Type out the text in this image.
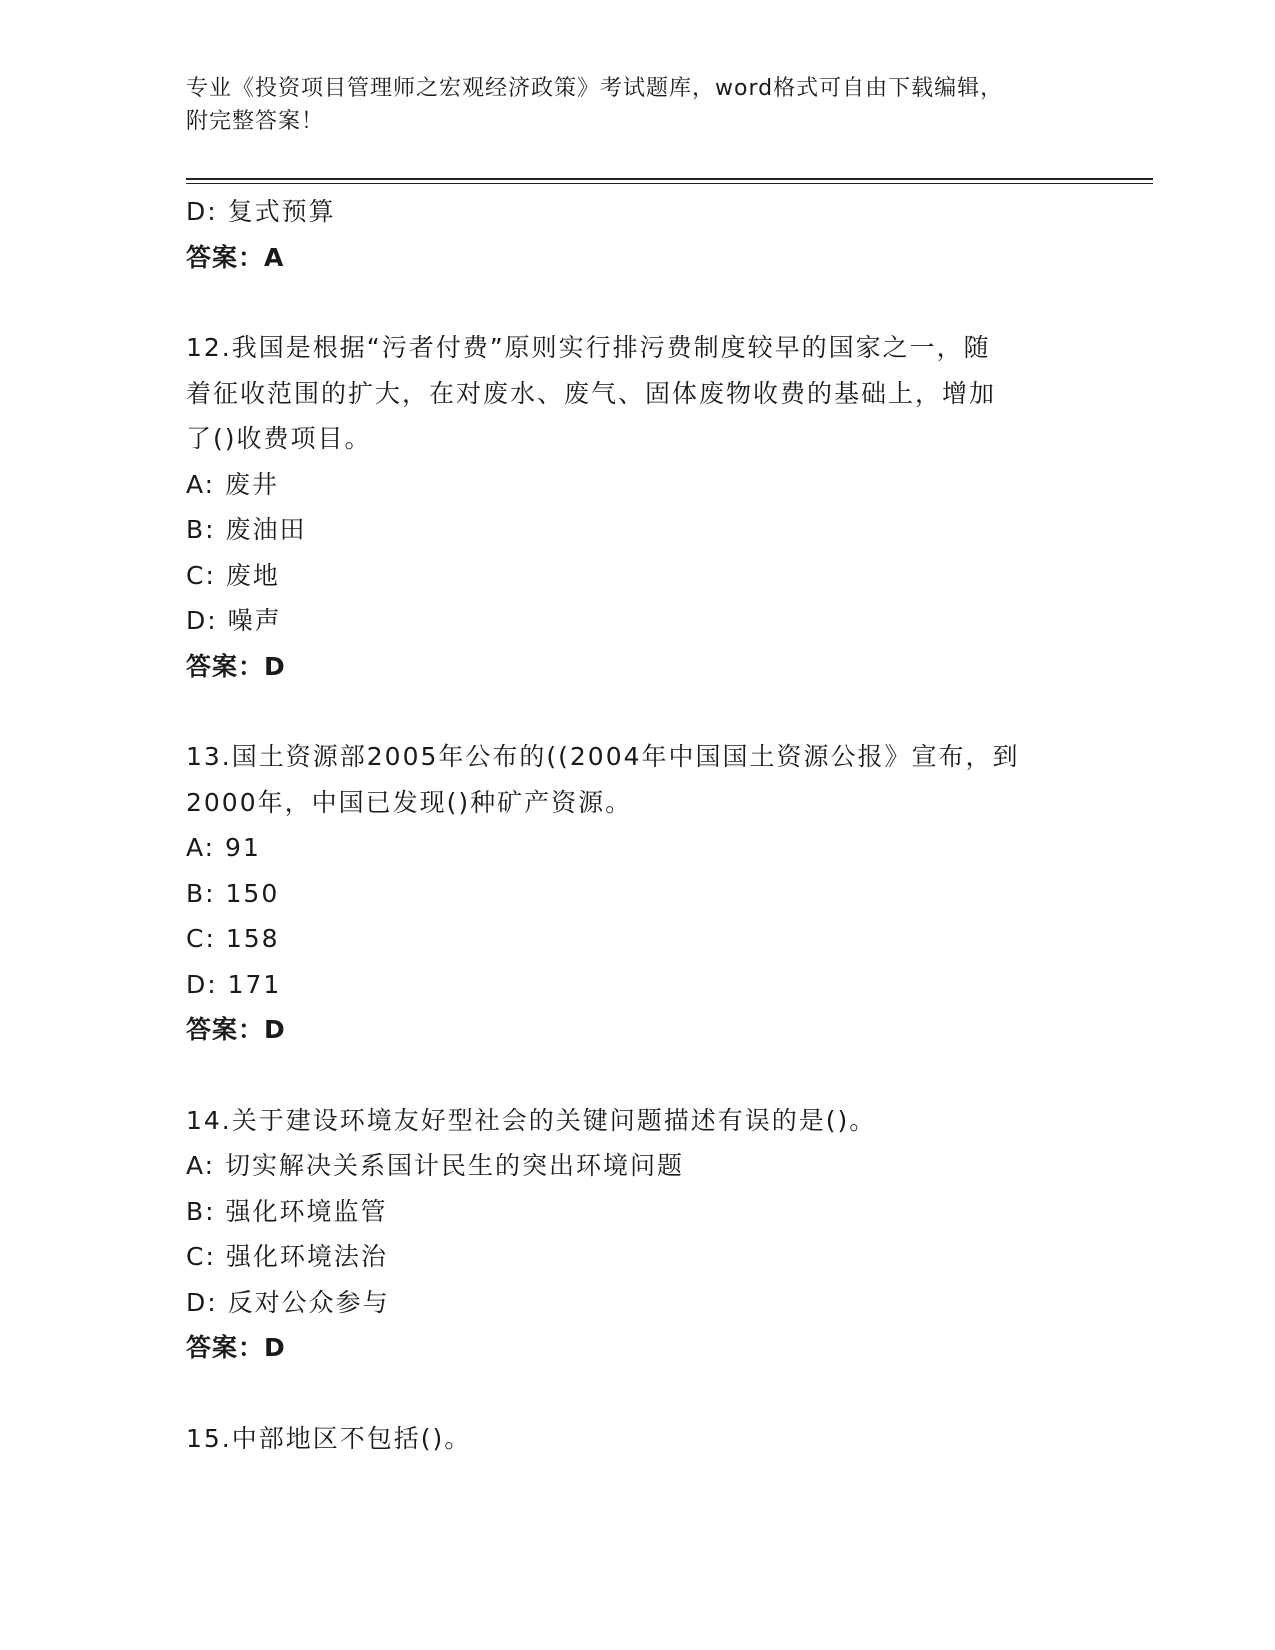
专业《投资项目管理师之宏观经济政策》考试题库，word格式可自由下载编辑，
附完整答案！
D: 复式预算
答案：A
12.我国是根据“污者付费”原则实行排污费制度较早的国家之一，随
着征收范围的扩大，在对废水、废气、固体废物收费的基础上，增加
了()收费项目。
A: 废井
B: 废油田
C: 废地
D: 噪声
答案：D
13.国土资源部2005年公布的((2004年中国国土资源公报》宣布，到
2000年，中国已发现()种矿产资源。
A: 91
B: 150
C: 158
D: 171
答案：D
14.关于建设环境友好型社会的关键问题描述有误的是()。
A: 切实解决关系国计民生的突出环境问题
B: 强化环境监管
C: 强化环境法治
D: 反对公众参与
答案：D
15.中部地区不包括()。
